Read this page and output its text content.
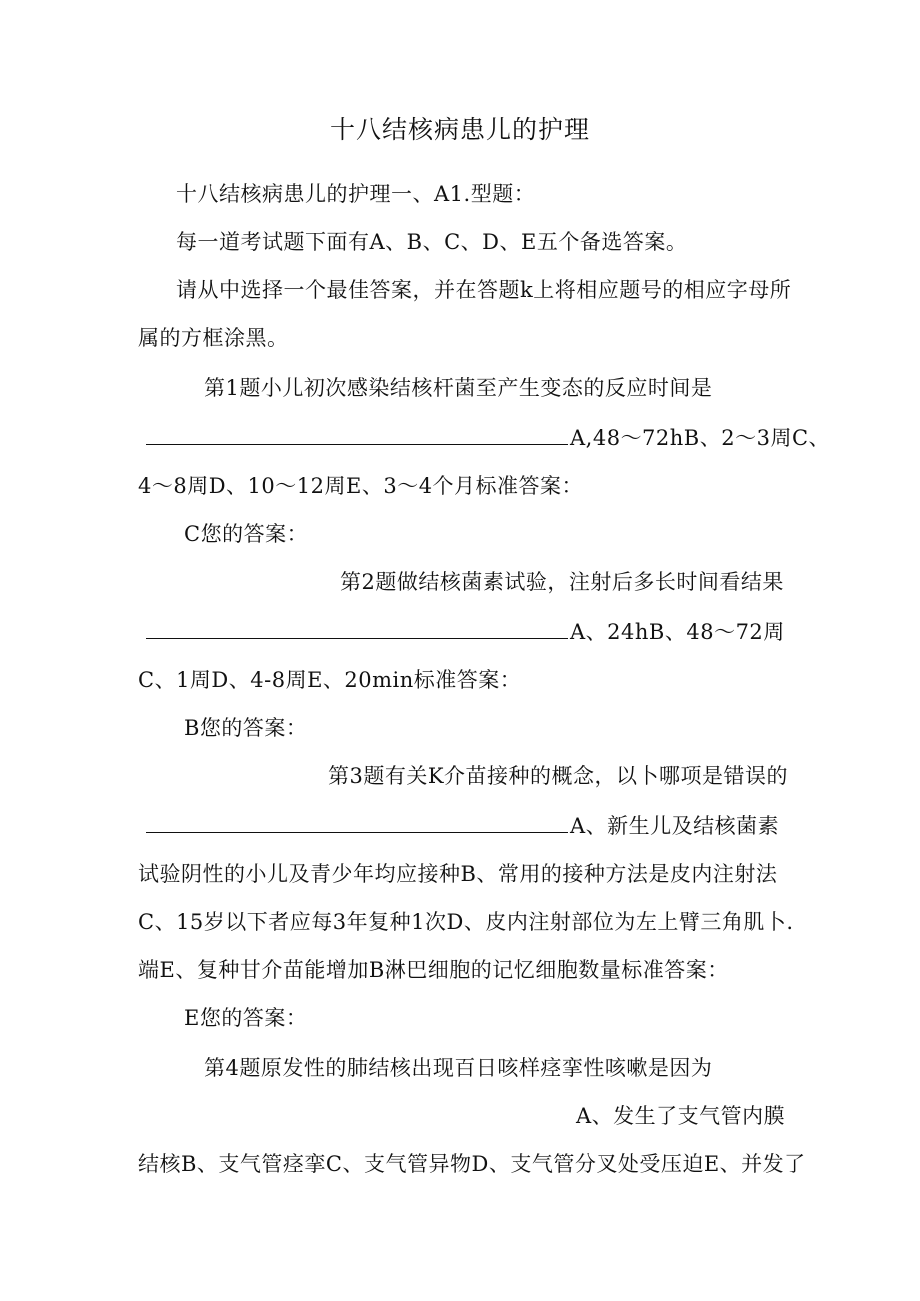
十八结核病患儿的护理
十八结核病患儿的护理一、A1.型题：
每一道考试题下面有A、B、C、D、E五个备选答案。
请从中选择一个最佳答案，并在答题k上将相应题号的相应字母所
属的方框涂黑。
第1题小儿初次感染结核杆菌至产生变态的反应时间是
A,48〜72hB、2〜3周C、
4〜8周D、10〜12周E、3〜4个月标准答案：
C您的答案：
第2题做结核菌素试验，注射后多长时间看结果
A、24hB、48〜72周
C、1周D、4-8周E、20min标准答案：
B您的答案：
第3题有关K介苗接种的概念，以卜哪项是错误的
A、新生儿及结核菌素
试验阴性的小儿及青少年均应接种B、常用的接种方法是皮内注射法
C、15岁以下者应每3年复种1次D、皮内注射部位为左上臂三角肌卜.
端E、复种甘介苗能增加B淋巴细胞的记忆细胞数量标准答案：
E您的答案：
第4题原发性的肺结核出现百日咳样痉挛性咳嗽是因为
A、发生了支气管内膜
结核B、支气管痉挛C、支气管异物D、支气管分叉处受压迫E、并发了
